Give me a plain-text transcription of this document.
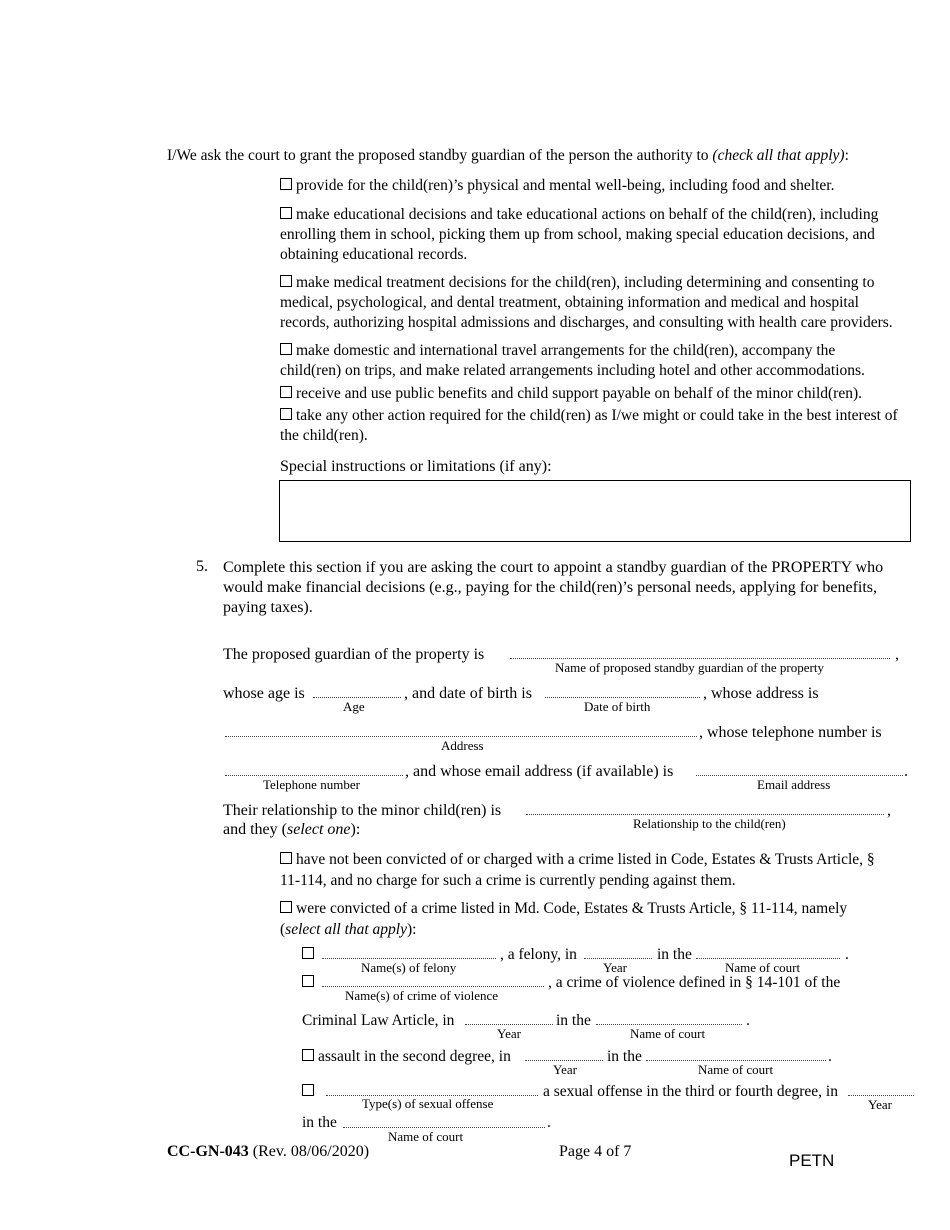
I/We ask the court to grant the proposed standby guardian of the person the authority to (check all that apply):
provide for the child(ren)’s physical and mental well-being, including food and shelter.
make educational decisions and take educational actions on behalf of the child(ren), including enrolling them in school, picking them up from school, making special education decisions, and obtaining educational records.
make medical treatment decisions for the child(ren), including determining and consenting to medical, psychological, and dental treatment, obtaining information and medical and hospital records, authorizing hospital admissions and discharges, and consulting with health care providers.
make domestic and international travel arrangements for the child(ren), accompany the child(ren) on trips, and make related arrangements including hotel and other accommodations.
receive and use public benefits and child support payable on behalf of the minor child(ren).
take any other action required for the child(ren) as I/we might or could take in the best interest of the child(ren).
Special instructions or limitations (if any):
5. Complete this section if you are asking the court to appoint a standby guardian of the PROPERTY who would make financial decisions (e.g., paying for the child(ren)’s personal needs, applying for benefits, paying taxes).
The proposed guardian of the property is	,
Name of proposed standby guardian of the property
whose age is
Age
, and date of birth is
Date of birth
, whose address is
Address
, whose telephone number is
Telephone number
, and whose email address (if available) is	.
Email address
Their relationship to the minor child(ren) is	,
Relationship to the child(ren)
and they (select one):
have not been convicted of or charged with a crime listed in Code, Estates & Trusts Article, § 11-114, and no charge for such a crime is currently pending against them.
were convicted of a crime listed in Md. Code, Estates & Trusts Article, § 11-114, namely
(select all that apply):
Name(s) of felony
, a felony, in
Year
in the
Name of court
.
Name(s) of crime of violence
, a crime of violence defined in § 14-101 of the
Criminal Law Article, in
Year
in the
Name of court
.
assault in the second degree, in
Year
in the
Name of court
.
Type(s) of sexual offense
a sexual offense in the third or fourth degree, in
Year
in the
Name of court
.
CC-GN-043 (Rev. 08/06/2020)	Page 4 of 7	PETN
